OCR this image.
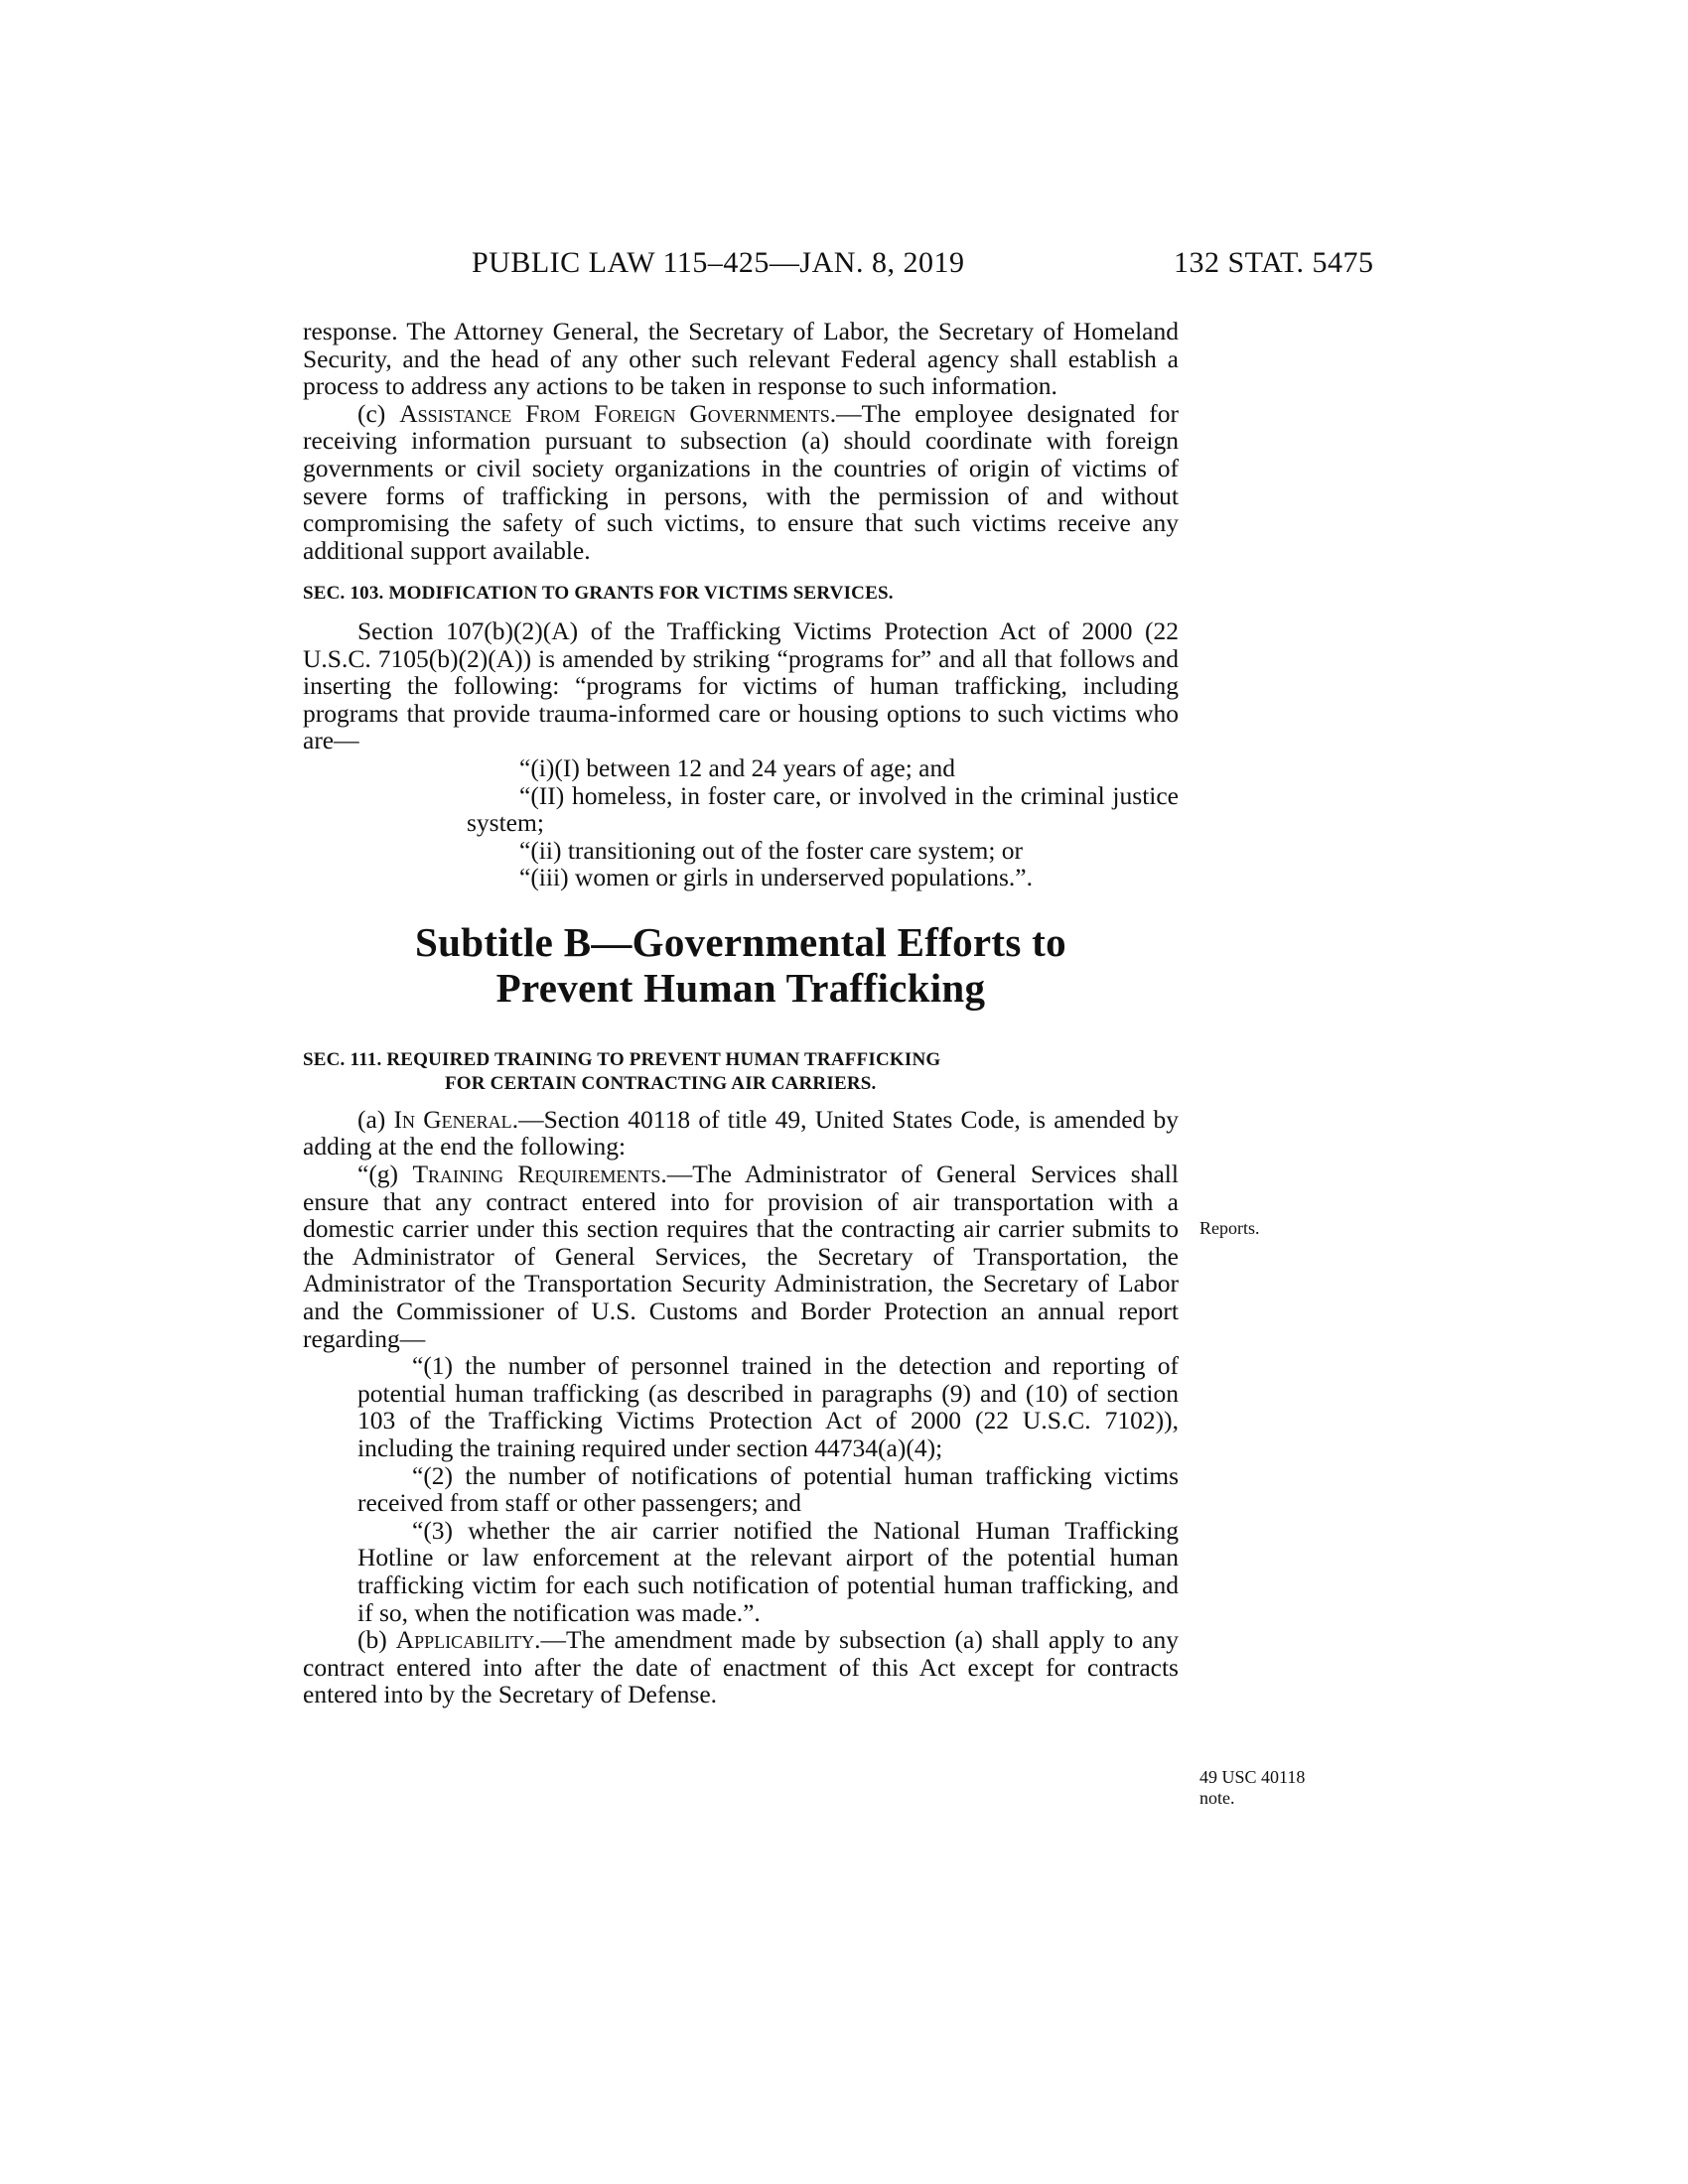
PUBLIC LAW 115–425—JAN. 8, 2019	132 STAT. 5475

response. The Attorney General, the Secretary of Labor, the Secretary of Homeland Security, and the head of any other such relevant Federal agency shall establish a process to address any actions to be taken in response to such information.

(c) Assistance From Foreign Governments.—The employee designated for receiving information pursuant to subsection (a) should coordinate with foreign governments or civil society organizations in the countries of origin of victims of severe forms of trafficking in persons, with the permission of and without compromising the safety of such victims, to ensure that such victims receive any additional support available.

SEC. 103. MODIFICATION TO GRANTS FOR VICTIMS SERVICES.

Section 107(b)(2)(A) of the Trafficking Victims Protection Act of 2000 (22 U.S.C. 7105(b)(2)(A)) is amended by striking “programs for” and all that follows and inserting the following: “programs for victims of human trafficking, including programs that provide trauma-informed care or housing options to such victims who are—

“(i)(I) between 12 and 24 years of age; and

“(II) homeless, in foster care, or involved in the criminal justice system;

“(ii) transitioning out of the foster care system; or

“(iii) women or girls in underserved populations.”.

Subtitle B—Governmental Efforts to
Prevent Human Trafficking

SEC. 111. REQUIRED TRAINING TO PREVENT HUMAN TRAFFICKING
FOR CERTAIN CONTRACTING AIR CARRIERS.

(a) In General.—Section 40118 of title 49, United States Code, is amended by adding at the end the following:

“(g) Training Requirements.—The Administrator of General Services shall ensure that any contract entered into for provision of air transportation with a domestic carrier under this section requires that the contracting air carrier submits to the Administrator of General Services, the Secretary of Transportation, the Administrator of the Transportation Security Administration, the Secretary of Labor and the Commissioner of U.S. Customs and Border Protection an annual report regarding—

“(1) the number of personnel trained in the detection and reporting of potential human trafficking (as described in paragraphs (9) and (10) of section 103 of the Trafficking Victims Protection Act of 2000 (22 U.S.C. 7102)), including the training required under section 44734(a)(4);

“(2) the number of notifications of potential human trafficking victims received from staff or other passengers; and

“(3) whether the air carrier notified the National Human Trafficking Hotline or law enforcement at the relevant airport of the potential human trafficking victim for each such notification of potential human trafficking, and if so, when the notification was made.”.

(b) Applicability.—The amendment made by subsection (a) shall apply to any contract entered into after the date of enactment of this Act except for contracts entered into by the Secretary of Defense.

Reports.
49 USC 40118
note.
